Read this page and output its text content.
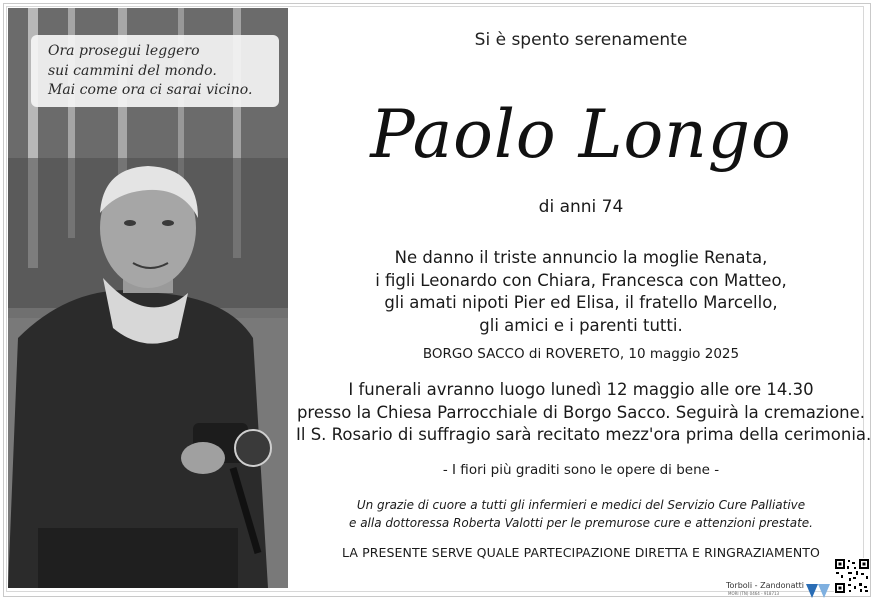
Ora prosegui leggero
sui cammini del mondo.
Mai come ora ci sarai vicino.
Si è spento serenamente
Paolo Longo
di anni 74
Ne danno il triste annuncio la moglie Renata,
i figli Leonardo con Chiara, Francesca con Matteo,
gli amati nipoti Pier ed Elisa, il fratello Marcello,
gli amici e i parenti tutti.
BORGO SACCO di ROVERETO, 10 maggio 2025
I funerali avranno luogo lunedì 12 maggio alle ore 14.30
presso la Chiesa Parrocchiale di Borgo Sacco. Seguirà la cremazione.
Il S. Rosario di suffragio sarà recitato mezz'ora prima della cerimonia.
- I fiori più graditi sono le opere di bene -
Un grazie di cuore a tutti gli infermieri e medici del Servizio Cure Palliative
e alla dottoressa Roberta Valotti per le premurose cure e attenzioni prestate.
LA PRESENTE SERVE QUALE PARTECIPAZIONE DIRETTA E RINGRAZIAMENTO
Torboli - Zandonatti
MORI (TN) 0464 - 918713
